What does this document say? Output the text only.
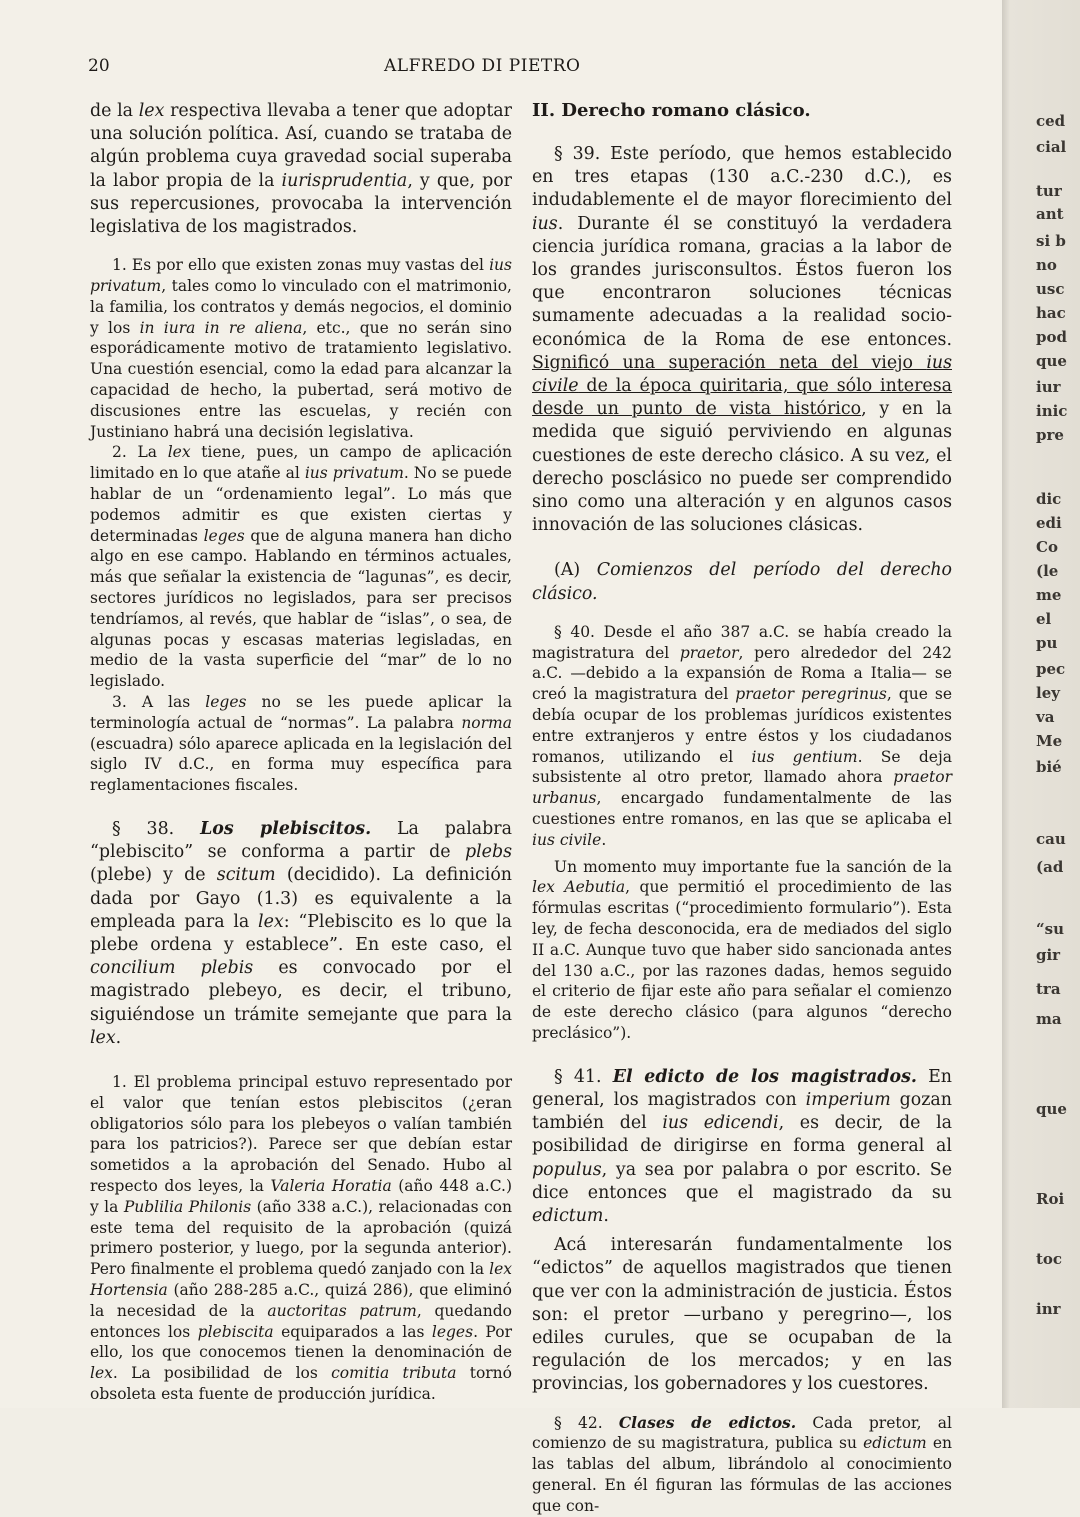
20	ALFREDO DI PIETRO

de la lex respectiva llevaba a tener que adoptar una solución política. Así, cuando se trataba de algún problema cuya gravedad social superaba la labor propia de la iurisprudentia, y que, por sus repercusiones, provocaba la intervención legislativa de los magistrados.

1. Es por ello que existen zonas muy vastas del ius privatum, tales como lo vinculado con el matrimonio, la familia, los contratos y demás negocios, el dominio y los in iura in re aliena, etc., que no serán sino esporádicamente motivo de tratamiento legislativo. Una cuestión esencial, como la edad para alcanzar la capacidad de hecho, la pubertad, será motivo de discusiones entre las escuelas, y recién con Justiniano habrá una decisión legislativa.

2. La lex tiene, pues, un campo de aplicación limitado en lo que atañe al ius privatum. No se puede hablar de un “ordenamiento legal”. Lo más que podemos admitir es que existen ciertas y determinadas leges que de alguna manera han dicho algo en ese campo. Hablando en términos actuales, más que señalar la existencia de “lagunas”, es decir, sectores jurídicos no legislados, para ser precisos tendríamos, al revés, que hablar de “islas”, o sea, de algunas pocas y escasas materias legisladas, en medio de la vasta superficie del “mar” de lo no legislado.

3. A las leges no se les puede aplicar la terminología actual de “normas”. La palabra norma (escuadra) sólo aparece aplicada en la legislación del siglo IV d.C., en forma muy específica para reglamentaciones fiscales.

§ 38. Los plebiscitos. La palabra “plebiscito” se conforma a partir de plebs (plebe) y de scitum (decidido). La definición dada por Gayo (1.3) es equivalente a la empleada para la lex: “Plebiscito es lo que la plebe ordena y establece”. En este caso, el concilium plebis es convocado por el magistrado plebeyo, es decir, el tribuno, siguiéndose un trámite semejante que para la lex.

1. El problema principal estuvo representado por el valor que tenían estos plebiscitos (¿eran obligatorios sólo para los plebeyos o valían también para los patricios?). Parece ser que debían estar sometidos a la aprobación del Senado. Hubo al respecto dos leyes, la Valeria Horatia (año 448 a.C.) y la Publilia Philonis (año 338 a.C.), relacionadas con este tema del requisito de la aprobación (quizá primero posterior, y luego, por la segunda anterior). Pero finalmente el problema quedó zanjado con la lex Hortensia (año 288-285 a.C., quizá 286), que eliminó la necesidad de la auctoritas patrum, quedando entonces los plebiscita equiparados a las leges. Por ello, los que conocemos tienen la denominación de lex. La posibilidad de los comitia tributa tornó obsoleta esta fuente de producción jurídica.

II. Derecho romano clásico.

§ 39. Este período, que hemos establecido en tres etapas (130 a.C.-230 d.C.), es indudablemente el de mayor florecimiento del ius. Durante él se constituyó la verdadera ciencia jurídica romana, gracias a la labor de los grandes jurisconsultos. Éstos fueron los que encontraron soluciones técnicas sumamente adecuadas a la realidad socio-económica de la Roma de ese entonces. Significó una superación neta del viejo ius civile de la época quiritaria, que sólo interesa desde un punto de vista histórico, y en la medida que siguió perviviendo en algunas cuestiones de este derecho clásico. A su vez, el derecho posclásico no puede ser comprendido sino como una alteración y en algunos casos innovación de las soluciones clásicas.

(A) Comienzos del período del derecho clásico.

§ 40. Desde el año 387 a.C. se había creado la magistratura del praetor, pero alrededor del 242 a.C. —debido a la expansión de Roma a Italia— se creó la magistratura del praetor peregrinus, que se debía ocupar de los problemas jurídicos existentes entre extranjeros y entre éstos y los ciudadanos romanos, utilizando el ius gentium. Se deja subsistente al otro pretor, llamado ahora praetor urbanus, encargado fundamentalmente de las cuestiones entre romanos, en las que se aplicaba el ius civile.

Un momento muy importante fue la sanción de la lex Aebutia, que permitió el procedimiento de las fórmulas escritas (“procedimiento formulario”). Esta ley, de fecha desconocida, era de mediados del siglo II a.C. Aunque tuvo que haber sido sancionada antes del 130 a.C., por las razones dadas, hemos seguido el criterio de fijar este año para señalar el comienzo de este derecho clásico (para algunos “derecho preclásico”).

§ 41. El edicto de los magistrados. En general, los magistrados con imperium gozan también del ius edicendi, es decir, de la posibilidad de dirigirse en forma general al populus, ya sea por palabra o por escrito. Se dice entonces que el magistrado da su edictum.

Acá interesarán fundamentalmente los “edictos” de aquellos magistrados que tienen que ver con la administración de justicia. Éstos son: el pretor —urbano y peregrino—, los ediles curules, que se ocupaban de la regulación de los mercados; y en las provincias, los gobernadores y los cuestores.

§ 42. Clases de edictos. Cada pretor, al comienzo de su magistratura, publica su edictum en las tablas del album, librándolo al conocimiento general. En él figuran las fórmulas de las acciones que con-

ced
cial
tur
ant
si b
no
usc
hac
pod
que
iur
inic
pre
dic
edi
Co
(le
me
el
pu
pec
ley
va
Me
bié
cau
(ad
“su
gir
tra
ma
que
Roi
toc
inr
